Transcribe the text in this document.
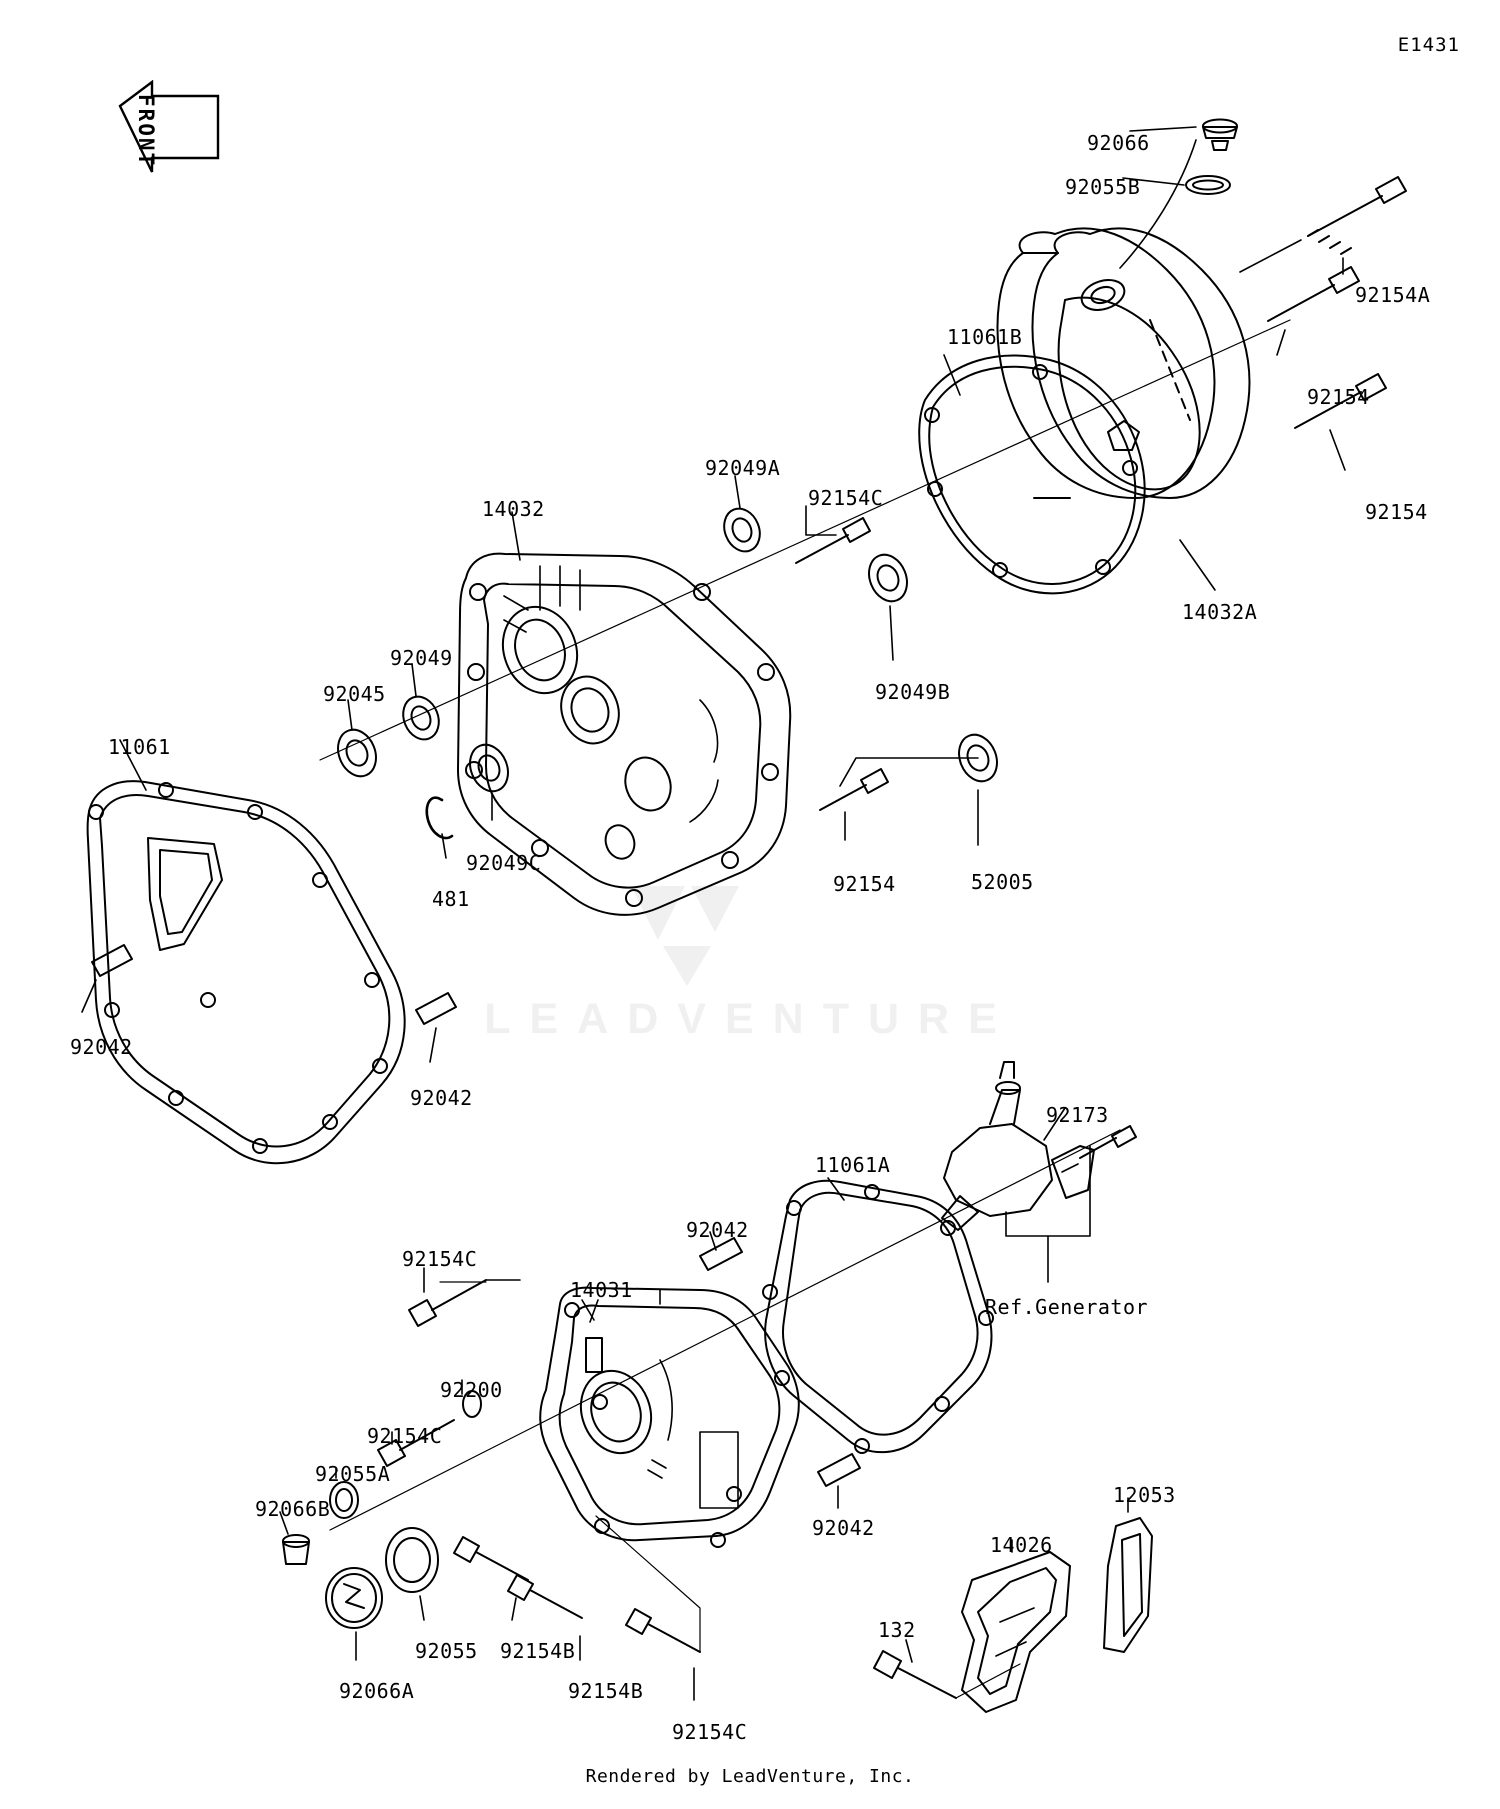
E1431
FRONT
LEADVENTURE
92066
92055B
92154A
92154
92154
11061B
14032A
92049A
92154C
14032
92049
92045	92049B
11061
92049C
481
52005
92154
92042
92042
92173
11061A
92042
92154C
14031
92200
92154C
92055A
92066B
92042
12053
14026
132
92055 92154B
92066A	92154B
92154C
Ref.Generator
Rendered by LeadVenture, Inc.
